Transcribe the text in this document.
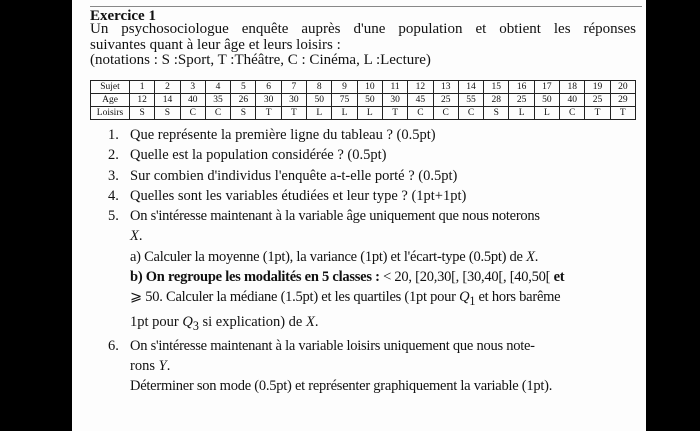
Exercice 1
Un psychosociologue enquête auprès d'une population et obtient les réponses
suivantes quant à leur âge et leurs loisirs :
(notations : S :Sport, T :Théâtre, C : Cinéma, L :Lecture)
Sujet	1	2	3	4	5	6	7	8	9	10	11	12	13	14	15	16	17	18	19	20
Age	12	14	40	35	26	30	30	50	75	50	30	45	25	55	28	25	50	40	25	29
Loisirs	S	S	C	C	S	T	T	L	L	L	T	C	C	C	S	L	L	C	T	T
1. Que représente la première ligne du tableau ? (0.5pt)
2. Quelle est la population considérée ? (0.5pt)
3. Sur combien d'individus l'enquête a-t-elle porté ? (0.5pt)
4. Quelles sont les variables étudiées et leur type ? (1pt+1pt)
5. On s'intéresse maintenant à la variable âge uniquement que nous noterons
X.
a) Calculer la moyenne (1pt), la variance (1pt) et l'écart-type (0.5pt) de X.
b) On regroupe les modalités en 5 classes : < 20, [20,30[, [30,40[, [40,50[ et
⩾ 50. Calculer la médiane (1.5pt) et les quartiles (1pt pour $Q_1$ et hors barême
1pt pour $Q_3$ si explication) de X.
6. On s'intéresse maintenant à la variable loisirs uniquement que nous note-
rons Y.
Déterminer son mode (0.5pt) et représenter graphiquement la variable (1pt).
